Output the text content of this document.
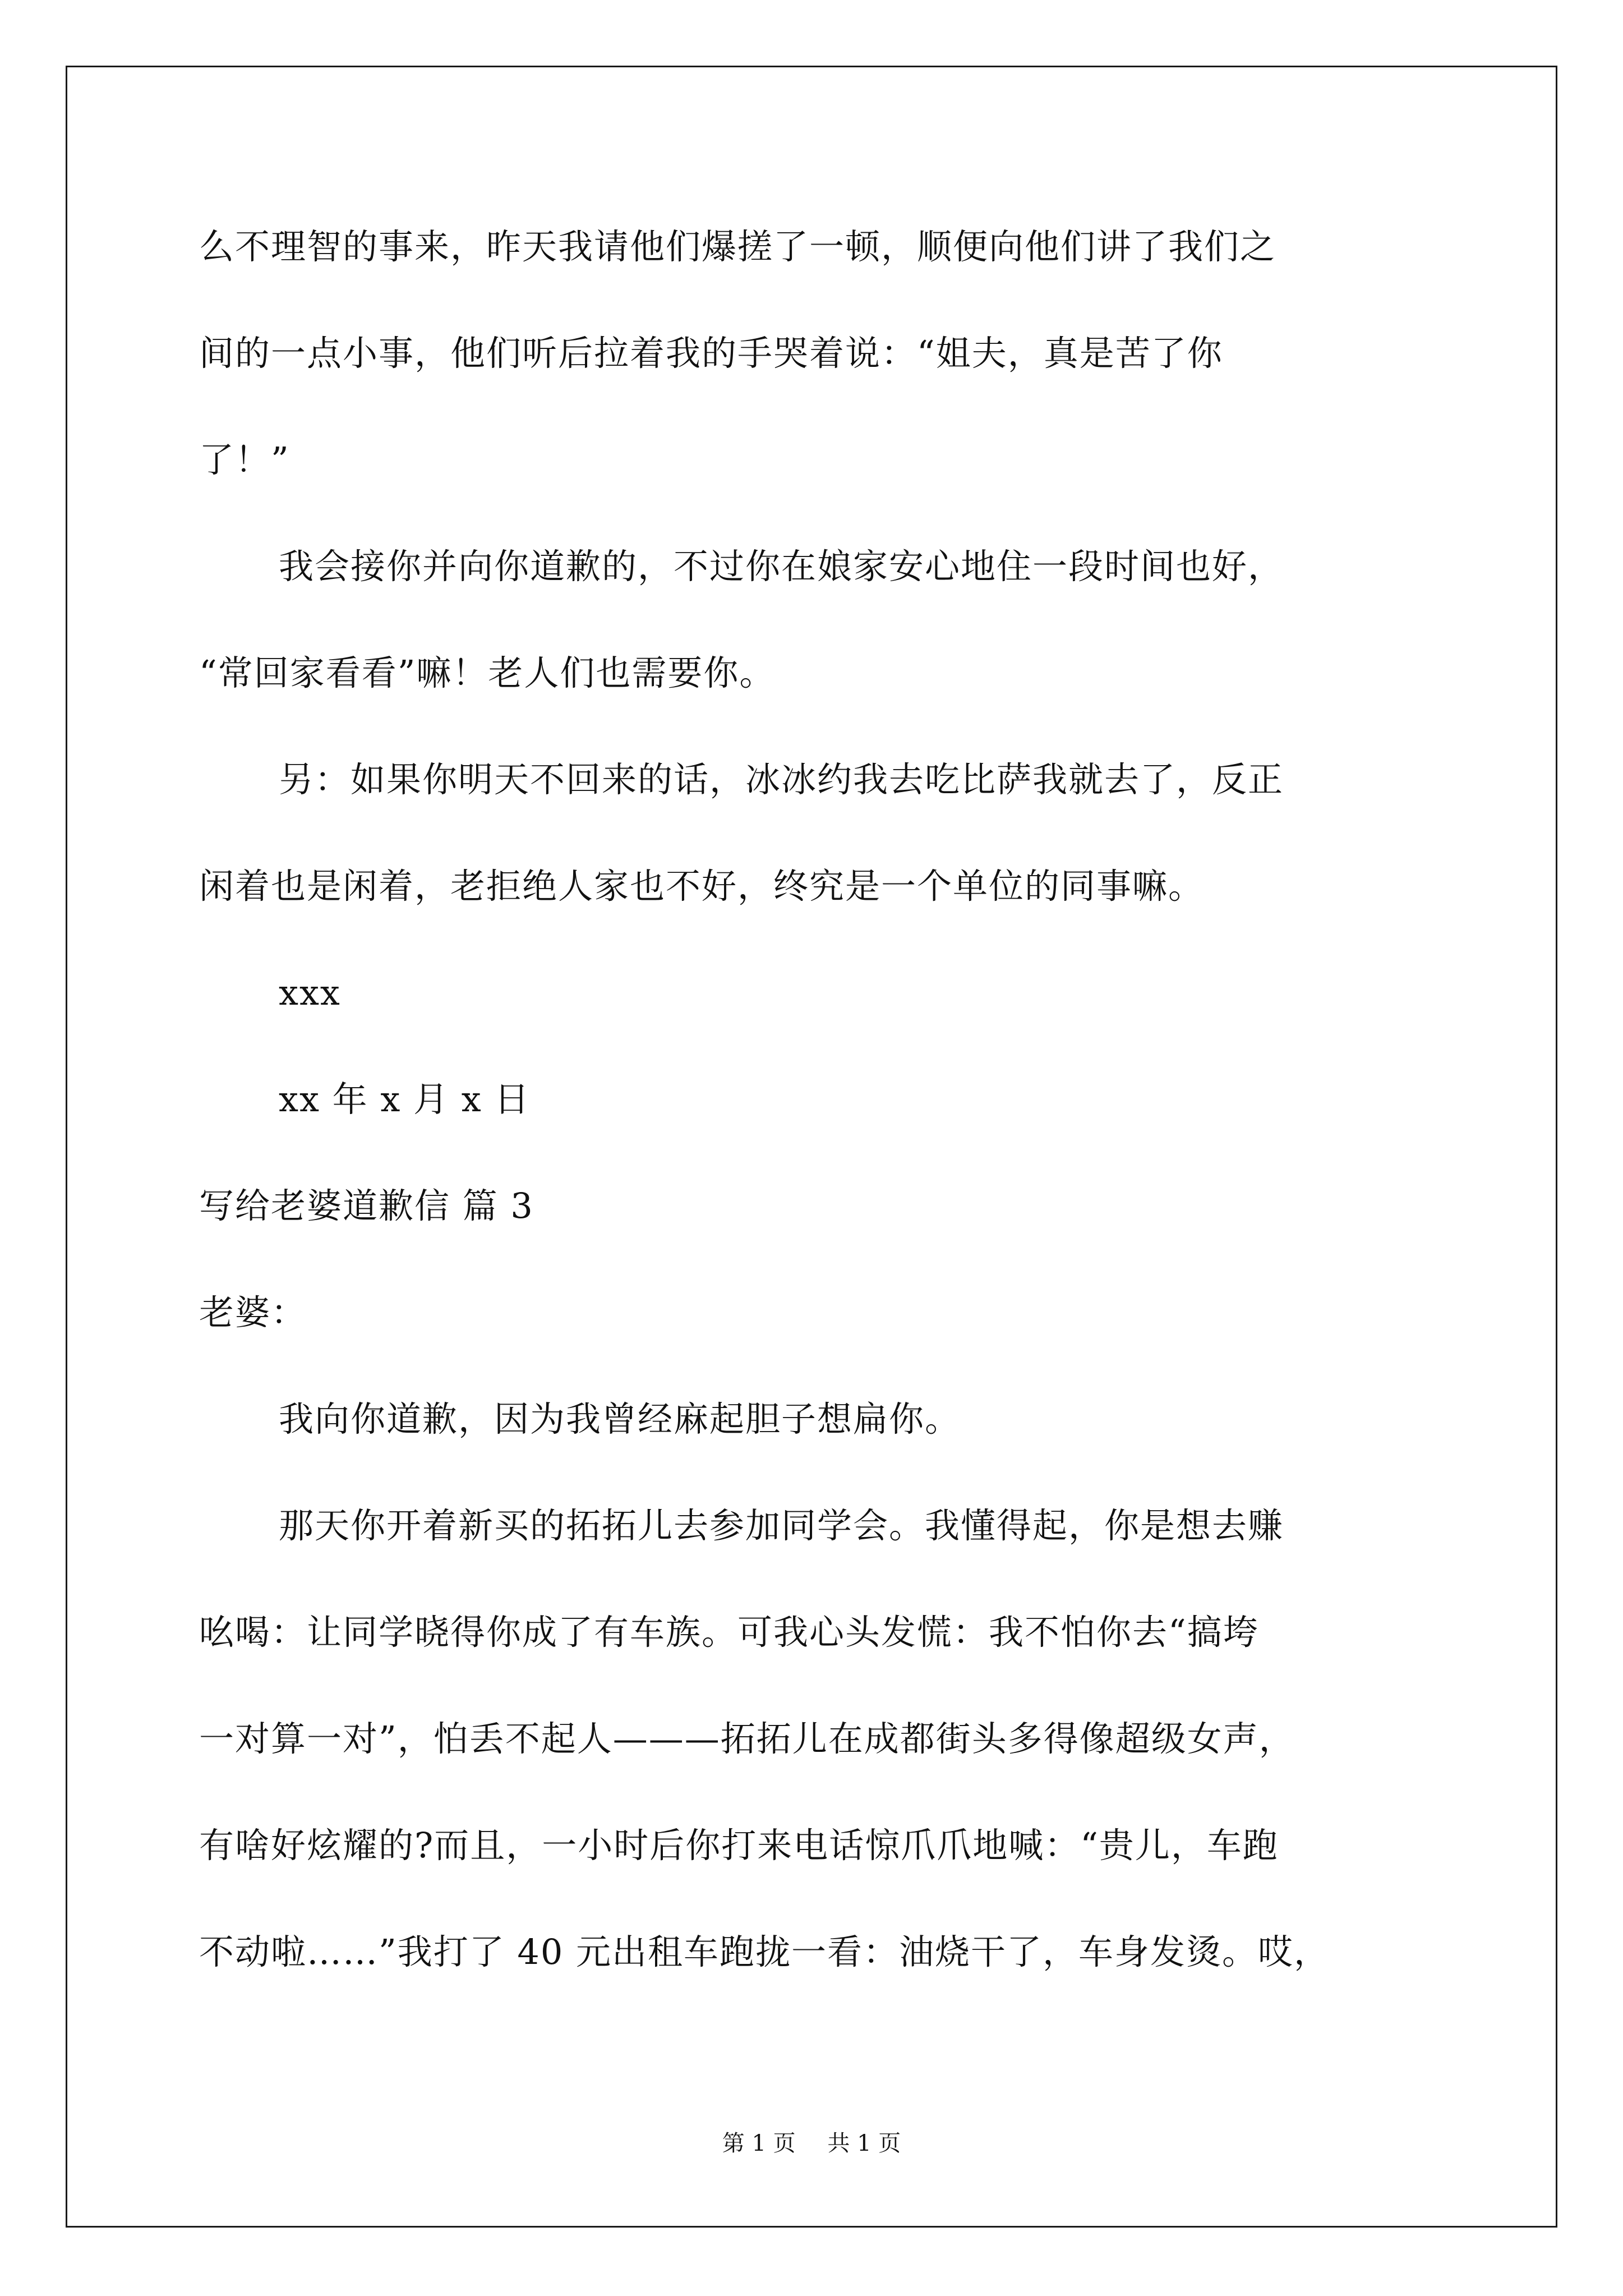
么不理智的事来，昨天我请他们爆搓了一顿，顺便向他们讲了我们之
间的一点小事，他们听后拉着我的手哭着说：“姐夫，真是苦了你
了！”
我会接你并向你道歉的，不过你在娘家安心地住一段时间也好，
“常回家看看”嘛！老人们也需要你。
另：如果你明天不回来的话，冰冰约我去吃比萨我就去了，反正
闲着也是闲着，老拒绝人家也不好，终究是一个单位的同事嘛。
xxx
xx 年 x 月 x 日
写给老婆道歉信 篇 3
老婆：
我向你道歉，因为我曾经麻起胆子想扁你。
那天你开着新买的拓拓儿去参加同学会。我懂得起，你是想去赚
吆喝：让同学晓得你成了有车族。可我心头发慌：我不怕你去“搞垮
一对算一对”，怕丢不起人———拓拓儿在成都街头多得像超级女声，
有啥好炫耀的?而且，一小时后你打来电话惊爪爪地喊：“贵儿，车跑
不动啦……”我打了 40 元出租车跑拢一看：油烧干了，车身发烫。哎，
第 1 页 共 1 页
